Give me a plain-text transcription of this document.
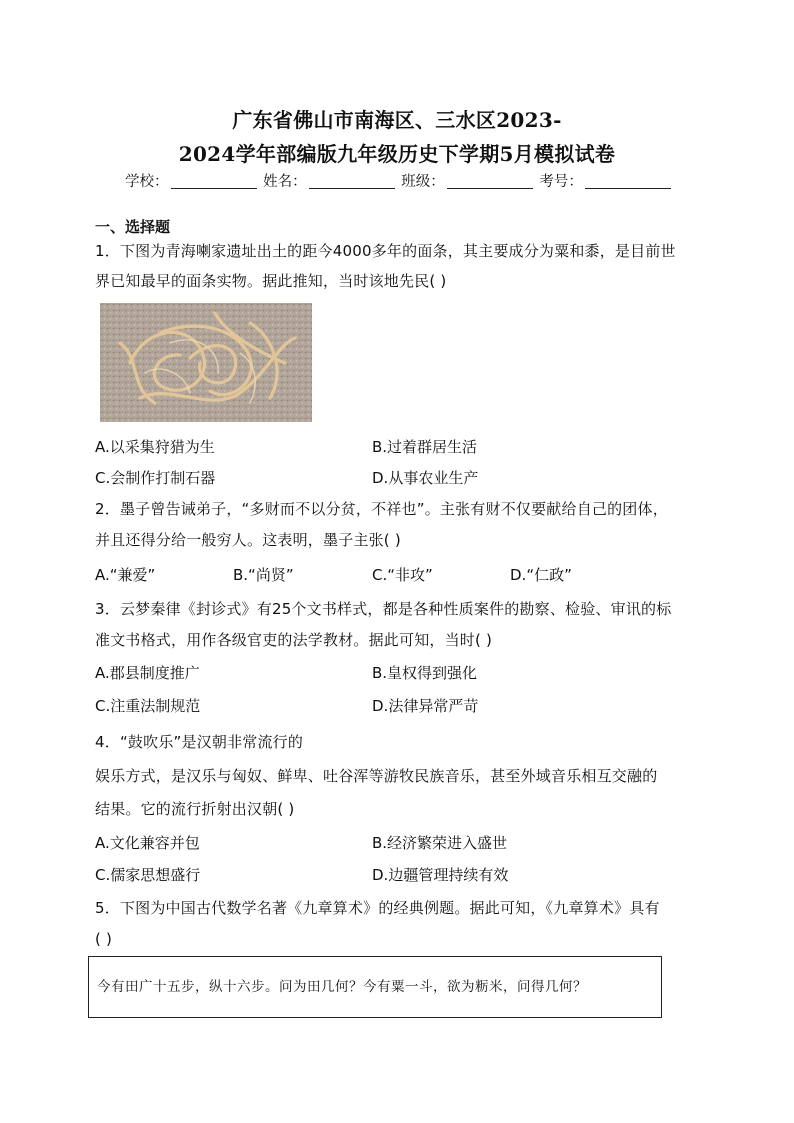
广东省佛山市南海区、三水区2023-
2024学年部编版九年级历史下学期5月模拟试卷
学校：	姓名：	班级：	考号：
一、选择题
1．下图为青海喇家遗址出土的距今4000多年的面条，其主要成分为粟和黍，是目前世
界已知最早的面条实物。据此推知，当时该地先民( )
A.以采集狩猎为生	B.过着群居生活
C.会制作打制石器	D.从事农业生产
2．墨子曾告诫弟子，“多财而不以分贫，不祥也”。主张有财不仅要献给自己的团体，
并且还得分给一般穷人。这表明，墨子主张( )
A.“兼爱”	B.“尚贤”	C.“非攻”	D.“仁政”
3．云梦秦律《封诊式》有25个文书样式，都是各种性质案件的勘察、检验、审讯的标
准文书格式，用作各级官吏的法学教材。据此可知，当时( )
A.郡县制度推广	B.皇权得到强化
C.注重法制规范	D.法律异常严苛
4．“鼓吹乐”是汉朝非常流行的
娱乐方式，是汉乐与匈奴、鲜卑、吐谷浑等游牧民族音乐，甚至外域音乐相互交融的
结果。它的流行折射出汉朝( )
A.文化兼容并包	B.经济繁荣进入盛世
C.儒家思想盛行	D.边疆管理持续有效
5．下图为中国古代数学名著《九章算术》的经典例题。据此可知，《九章算术》具有
( )
今有田广十五步，纵十六步。问为田几何？今有粟一斗，欲为粝米，问得几何？
